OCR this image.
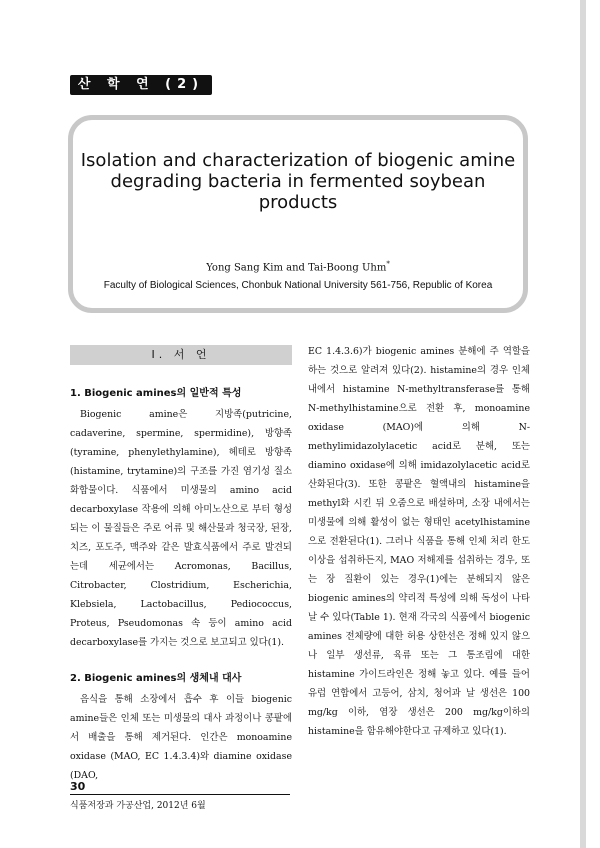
산 학 연 (2)
Isolation and characterization of biogenic amine degrading bacteria in fermented soybean products
Yong Sang Kim and Tai-Boong Uhm*
Faculty of Biological Sciences, Chonbuk National University 561-756, Republic of Korea
Ⅰ. 서 언
1. Biogenic amines의 일반적 특성

Biogenic amine은 지방족(putricine, cadaverine, spermine, spermidine), 방향족(tyramine, phenylethylamine), 헤테로 방향족(histamine, trytamine)의 구조를 가진 염기성 질소화합물이다. 식품에서 미생물의 amino acid decarboxylase 작용에 의해 아미노산으로 부터 형성되는 이 물질들은 주로 어류 및 해산물과 청국장, 된장, 치즈, 포도주, 맥주와 같은 발효식품에서 주로 발견되는데 세균에서는 Acromonas, Bacillus, Citrobacter, Clostridium, Escherichia, Klebsiela, Lactobacillus, Pediococcus, Proteus, Pseudomonas 속 등이 amino acid decarboxylase를 가지는 것으로 보고되고 있다(1).

2. Biogenic amines의 생체내 대사

음식을 통해 소장에서 흡수 후 이들 biogenic amine들은 인체 또는 미생물의 대사 과정이나 콩팥에서 배출을 통해 제거된다. 인간은 monoamine oxidase (MAO, EC 1.4.3.4)와 diamine oxidase (DAO,

EC 1.4.3.6)가 biogenic amines 분해에 주 역할을 하는 것으로 알려져 있다(2). histamine의 경우 인체 내에서 histamine N-methyltransferase를 통해 N-methylhistamine으로 전환 후, monoamine oxidase (MAO)에 의해 N-methylimidazolylacetic acid로 분해, 또는 diamino oxidase에 의해 imidazolylacetic acid로 산화된다(3). 또한 콩팥은 혈액내의 histamine을 methyl화 시킨 뒤 오줌으로 배설하며, 소장 내에서는 미생물에 의해 활성이 없는 형태인 acetylhistamine으로 전환된다(1). 그러나 식품을 통해 인체 처리 한도 이상을 섭취하든지, MAO 저해제를 섭취하는 경우, 또는 장 질환이 있는 경우(1)에는 분해되지 않은 biogenic amines의 약리적 특성에 의해 독성이 나타날 수 있다(Table 1). 현재 각국의 식품에서 biogenic amines 전체량에 대한 허용 상한선은 정해 있지 않으나 일부 생선류, 육류 또는 그 통조림에 대한 histamine 가이드라인은 정해 놓고 있다. 예를 들어 유럽 연합에서 고등어, 삼치, 청어과 날 생선은 100 mg/kg 이하, 염장 생선은 200 mg/kg이하의 histamine을 함유해야한다고 규제하고 있다(1).

30
식품저장과 가공산업, 2012년 6월
